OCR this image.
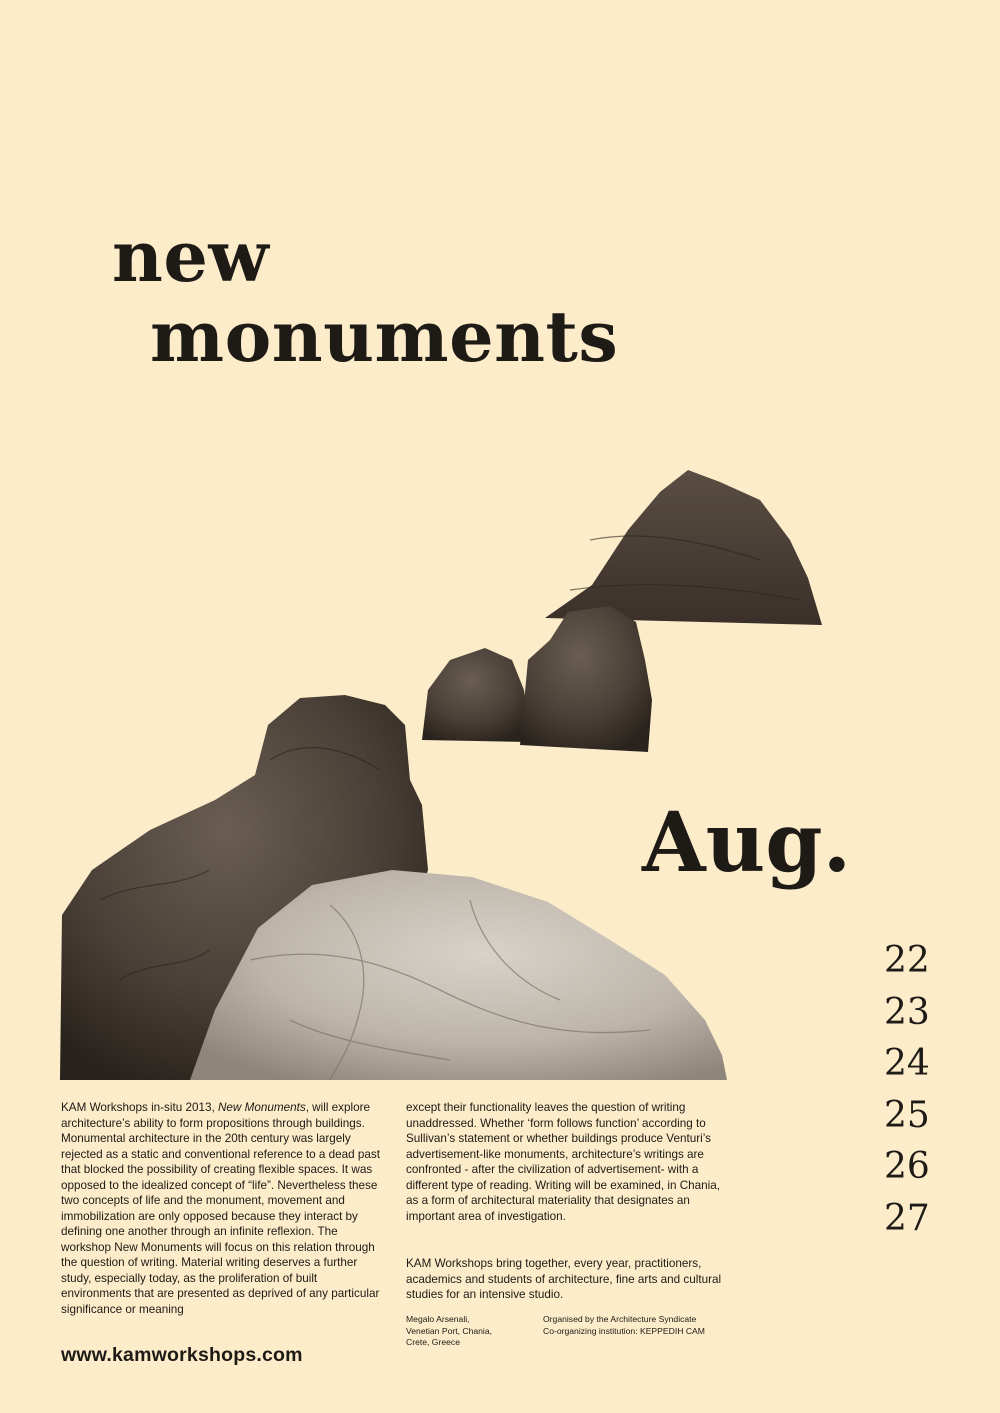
new
monuments
Aug.
22
23
24
25
26
27

KAM Workshops in-situ 2013, New Monuments, will explore architecture’s ability to form propositions through buildings. Monumental architecture in the 20th century was largely rejected as a static and conventional reference to a dead past that blocked the possibility of creating flexible spaces. It was opposed to the idealized concept of “life”. Nevertheless these two concepts of life and the monument, movement and immobilization are only opposed because they interact by defining one another through an infinite reflexion. The workshop New Monuments will focus on this relation through the question of writing. Material writing deserves a further study, especially today, as the proliferation of built environments that are presented as deprived of any particular significance or meaning

except their functionality leaves the question of writing unaddressed. Whether ‘form follows function’ according to Sullivan’s statement or whether buildings produce Venturi’s advertisement-like monuments, architecture’s writings are confronted - after the civilization of advertisement- with a different type of reading. Writing will be examined, in Chania, as a form of architectural materiality that designates an important area of investigation.

KAM Workshops bring together, every year, practitioners, academics and students of architecture, fine arts and cultural studies for an intensive studio.

Megalo Arsenali,
Venetian Port, Chania,
Crete, Greece
Organised by the Architecture Syndicate
Co-organizing institution: KEPPEDIH CAM

www.kamworkshops.com
